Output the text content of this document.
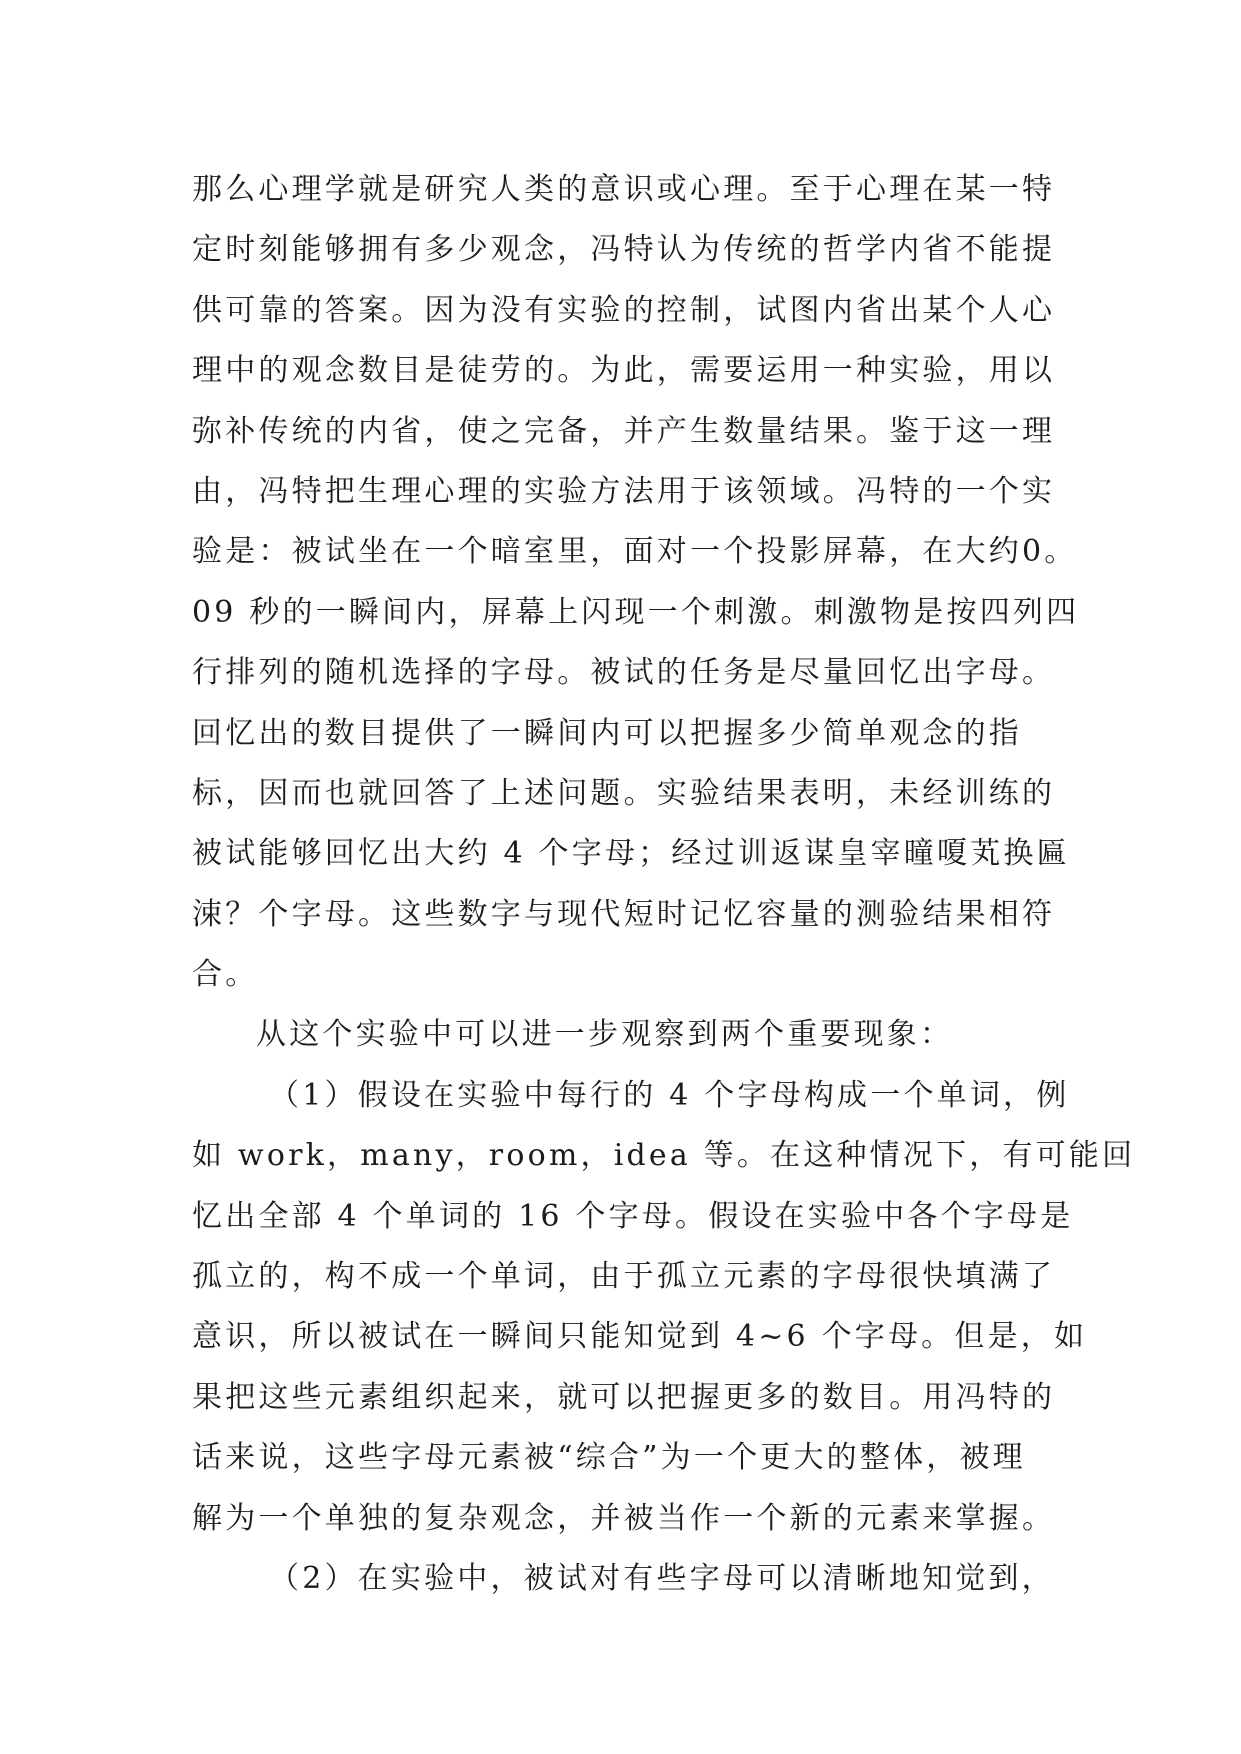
那么心理学就是研究人类的意识或心理。至于心理在某一特
定时刻能够拥有多少观念，冯特认为传统的哲学内省不能提
供可靠的答案。因为没有实验的控制，试图内省出某个人心
理中的观念数目是徒劳的。为此，需要运用一种实验，用以
弥补传统的内省，使之完备，并产生数量结果。鉴于这一理
由，冯特把生理心理的实验方法用于该领域。冯特的一个实
验是：被试坐在一个暗室里，面对一个投影屏幕，在大约0。
09 秒的一瞬间内，屏幕上闪现一个刺激。刺激物是按四列四
行排列的随机选择的字母。被试的任务是尽量回忆出字母。
回忆出的数目提供了一瞬间内可以把握多少简单观念的指
标，因而也就回答了上述问题。实验结果表明，未经训练的
被试能够回忆出大约 4 个字母；经过训返谋皇宰曈嗄芄换匾
涑？个字母。这些数字与现代短时记忆容量的测验结果相符
合。
从这个实验中可以进一步观察到两个重要现象：
（1）假设在实验中每行的 4 个字母构成一个单词，例
如 work，many，room，idea 等。在这种情况下，有可能回
忆出全部 4 个单词的 16 个字母。假设在实验中各个字母是
孤立的，构不成一个单词，由于孤立元素的字母很快填满了
意识，所以被试在一瞬间只能知觉到 4~6 个字母。但是，如
果把这些元素组织起来，就可以把握更多的数目。用冯特的
话来说，这些字母元素被“综合”为一个更大的整体，被理
解为一个单独的复杂观念，并被当作一个新的元素来掌握。
（2）在实验中，被试对有些字母可以清晰地知觉到，
